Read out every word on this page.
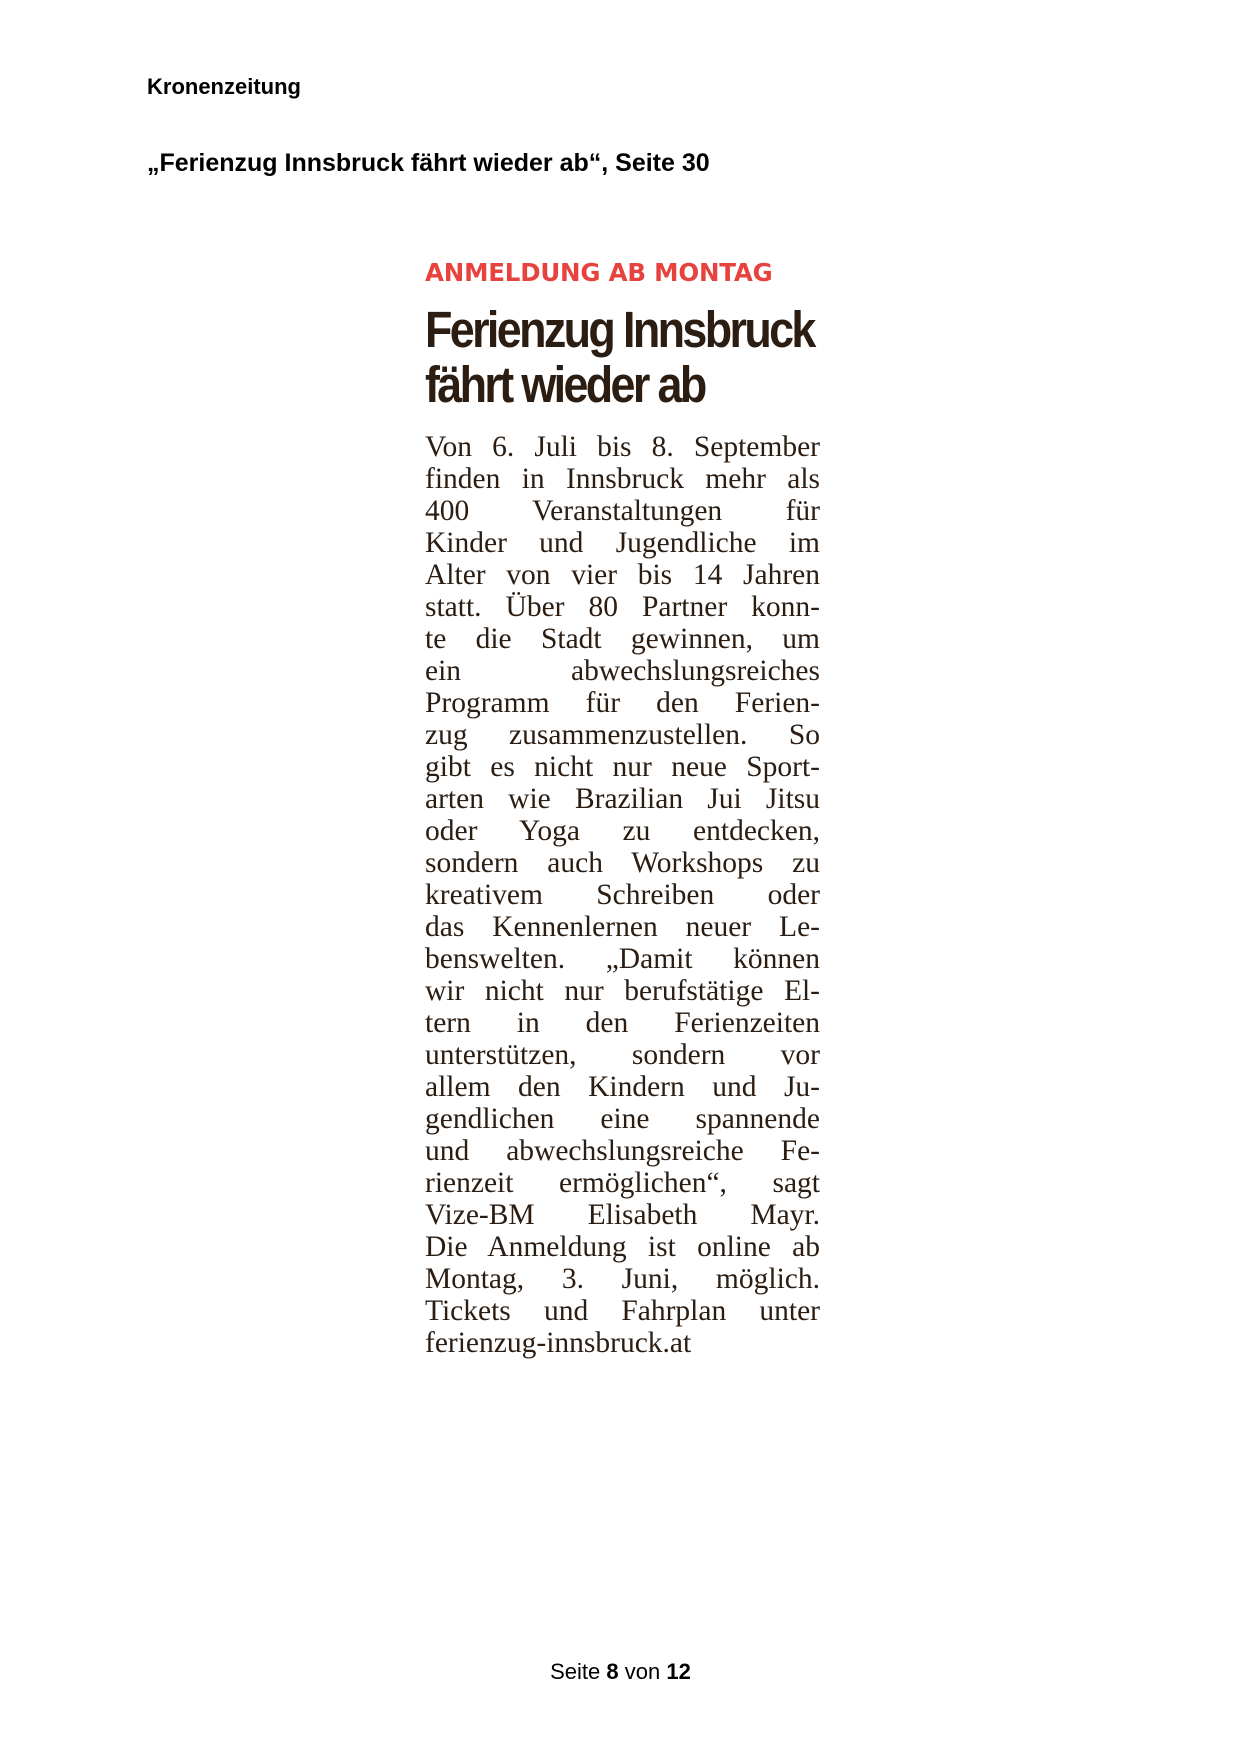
Kronenzeitung

„Ferienzug Innsbruck fährt wieder ab“, Seite 30

ANMELDUNG AB MONTAG

Ferienzug Innsbruck
fährt wieder ab
Von 6. Juli bis 8. September
finden in Innsbruck mehr als
400 Veranstaltungen für
Kinder und Jugendliche im
Alter von vier bis 14 Jahren
statt. Über 80 Partner konn-
te die Stadt gewinnen, um
ein abwechslungsreiches
Programm für den Ferien-
zug zusammenzustellen. So
gibt es nicht nur neue Sport-
arten wie Brazilian Jui Jitsu
oder Yoga zu entdecken,
sondern auch Workshops zu
kreativem Schreiben oder
das Kennenlernen neuer Le-
benswelten. „Damit können
wir nicht nur berufstätige El-
tern in den Ferienzeiten
unterstützen, sondern vor
allem den Kindern und Ju-
gendlichen eine spannende
und abwechslungsreiche Fe-
rienzeit ermöglichen“, sagt
Vize-BM Elisabeth Mayr.
Die Anmeldung ist online ab
Montag, 3. Juni, möglich.
Tickets und Fahrplan unter
ferienzug-innsbruck.at

Seite 8 von 12
